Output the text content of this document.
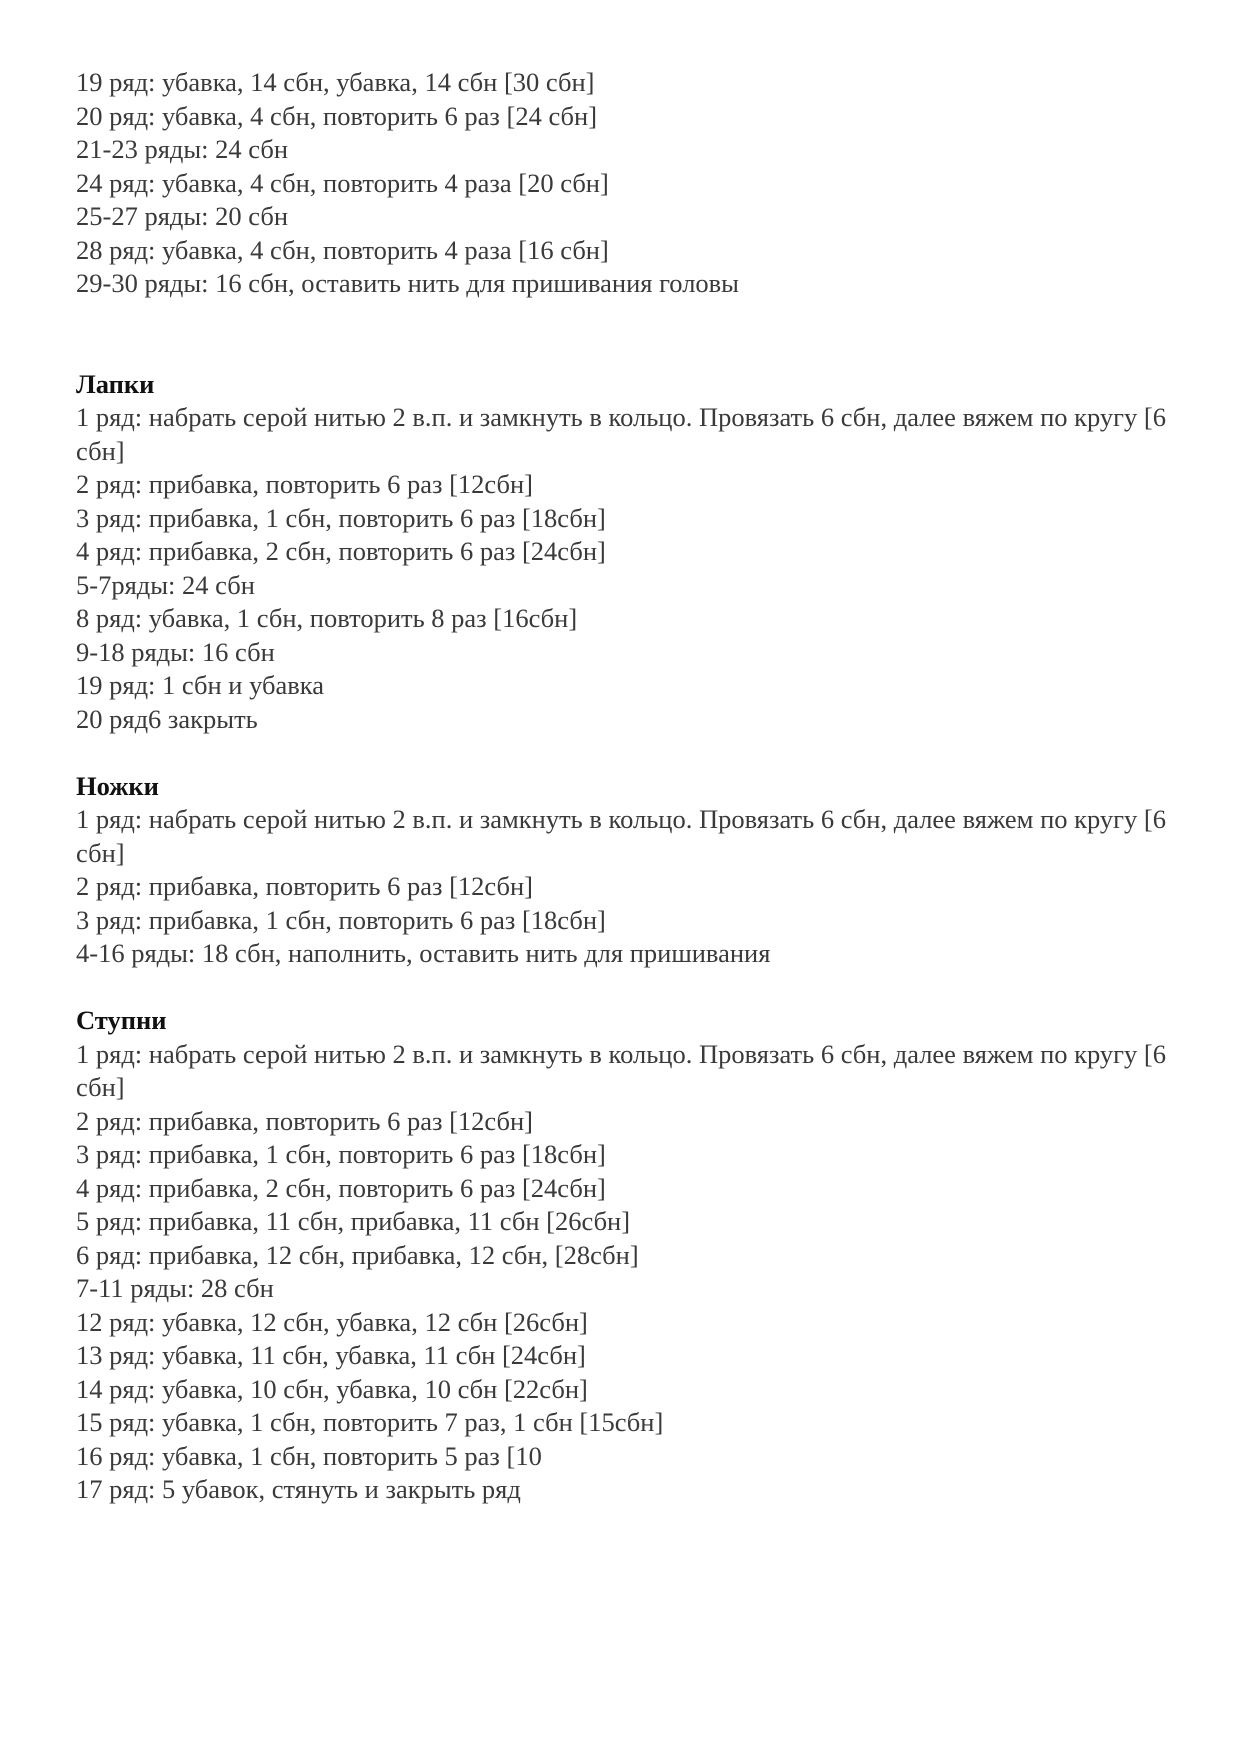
19 ряд: убавка, 14 сбн, убавка, 14 сбн [30 сбн]

20 ряд: убавка, 4 сбн, повторить 6 раз [24 сбн]

21-23 ряды: 24 сбн

24 ряд: убавка, 4 сбн, повторить 4 раза [20 сбн]

25-27 ряды: 20 сбн

28 ряд: убавка, 4 сбн, повторить 4 раза [16 сбн]

29-30 ряды: 16 сбн, оставить нить для пришивания головы

Лапки

1 ряд: набрать серой нитью 2 в.п. и замкнуть в кольцо. Провязать 6 сбн, далее вяжем по кругу [6 сбн]

2 ряд: прибавка, повторить 6 раз [12сбн]

3 ряд: прибавка, 1 сбн, повторить 6 раз [18сбн]

4 ряд: прибавка, 2 сбн, повторить 6 раз [24сбн]

5-7ряды: 24 сбн

8 ряд: убавка, 1 сбн, повторить 8 раз [16сбн]

9-18 ряды: 16 сбн

19 ряд: 1 сбн и убавка

20 ряд6 закрыть

Ножки

1 ряд: набрать серой нитью 2 в.п. и замкнуть в кольцо. Провязать 6 сбн, далее вяжем по кругу [6 сбн]

2 ряд: прибавка, повторить 6 раз [12сбн]

3 ряд: прибавка, 1 сбн, повторить 6 раз [18сбн]

4-16 ряды: 18 сбн, наполнить, оставить нить для пришивания

Ступни

1 ряд: набрать серой нитью 2 в.п. и замкнуть в кольцо. Провязать 6 сбн, далее вяжем по кругу [6 сбн]

2 ряд: прибавка, повторить 6 раз [12сбн]

3 ряд: прибавка, 1 сбн, повторить 6 раз [18сбн]

4 ряд: прибавка, 2 сбн, повторить 6 раз [24сбн]

5 ряд: прибавка, 11 сбн, прибавка, 11 сбн [26сбн]

6 ряд: прибавка, 12 сбн, прибавка, 12 сбн, [28сбн]

7-11 ряды: 28 сбн

12 ряд: убавка, 12 сбн, убавка, 12 сбн [26сбн]

13 ряд: убавка, 11 сбн, убавка, 11 сбн [24сбн]

14 ряд: убавка, 10 сбн, убавка, 10 сбн [22сбн]

15 ряд: убавка, 1 сбн, повторить 7 раз, 1 сбн [15сбн]

16 ряд: убавка, 1 сбн, повторить 5 раз [10

17 ряд: 5 убавок, стянуть и закрыть ряд
